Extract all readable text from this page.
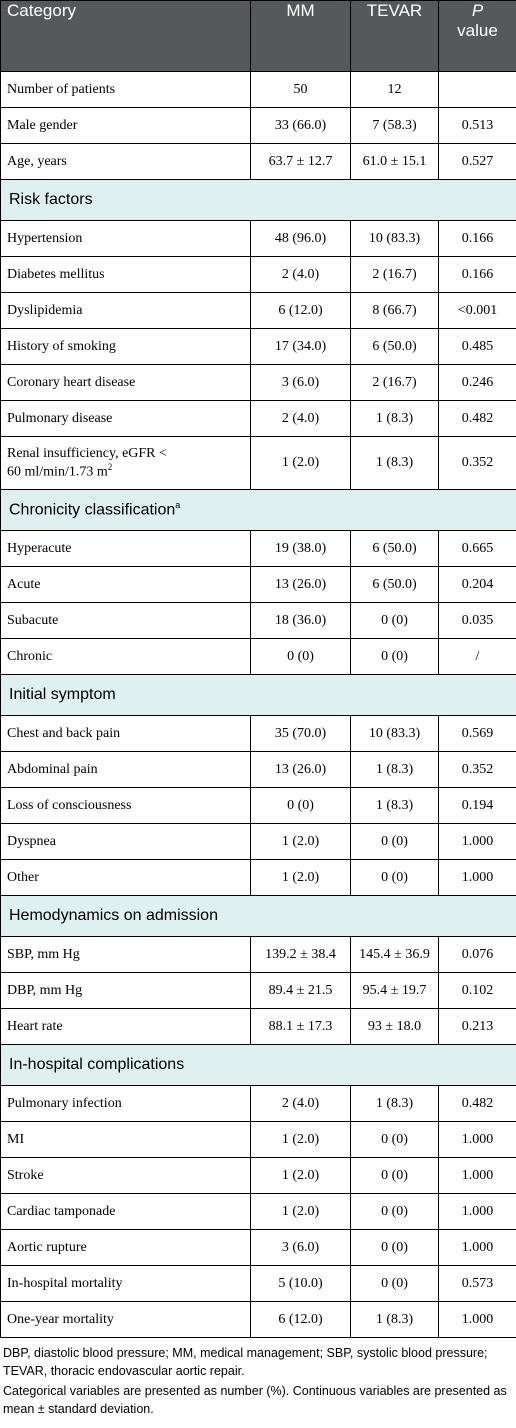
Category	MM	TEVAR	P
value
Number of patients	50	12	
Male gender	33 (66.0)	7 (58.3)	0.513
Age, years	63.7 ± 12.7	61.0 ± 15.1	0.527
Risk factors			
Hypertension	48 (96.0)	10 (83.3)	0.166
Diabetes mellitus	2 (4.0)	2 (16.7)	0.166
Dyslipidemia	6 (12.0)	8 (66.7)	<0.001
History of smoking	17 (34.0)	6 (50.0)	0.485
Coronary heart disease	3 (6.0)	2 (16.7)	0.246
Pulmonary disease	2 (4.0)	1 (8.3)	0.482
Renal insufficiency, eGFR <
60 ml/min/1.73 $m^2$	1 (2.0)	1 (8.3)	0.352
Chronicity classification$^a$
Hyperacute	19 (38.0)	6 (50.0)	0.665
Acute	13 (26.0)	6 (50.0)	0.204
Subacute	18 (36.0)	0 (0)	0.035
Chronic	0 (0)	0 (0)	/
Initial symptom			
Chest and back pain	35 (70.0)	10 (83.3)	0.569
Abdominal pain	13 (26.0)	1 (8.3)	0.352
Loss of consciousness	0 (0)	1 (8.3)	0.194
Dyspnea	1 (2.0)	0 (0)	1.000
Other	1 (2.0)	0 (0)	1.000
Hemodynamics on admission			
SBP, mm Hg	139.2 ± 38.4	145.4 ± 36.9	0.076
DBP, mm Hg	89.4 ± 21.5	95.4 ± 19.7	0.102
Heart rate	88.1 ± 17.3	93 ± 18.0	0.213
In-hospital complications			
Pulmonary infection	2 (4.0)	1 (8.3)	0.482
MI	1 (2.0)	0 (0)	1.000
Stroke	1 (2.0)	0 (0)	1.000
Cardiac tamponade	1 (2.0)	0 (0)	1.000
Aortic rupture	3 (6.0)	0 (0)	1.000
In-hospital mortality	5 (10.0)	0 (0)	0.573
One-year mortality	6 (12.0)	1 (8.3)	1.000

DBP, diastolic blood pressure; MM, medical management; SBP, systolic blood pressure; TEVAR, thoracic endovascular aortic repair.

Categorical variables are presented as number (%). Continuous variables are presented as mean ± standard deviation.
